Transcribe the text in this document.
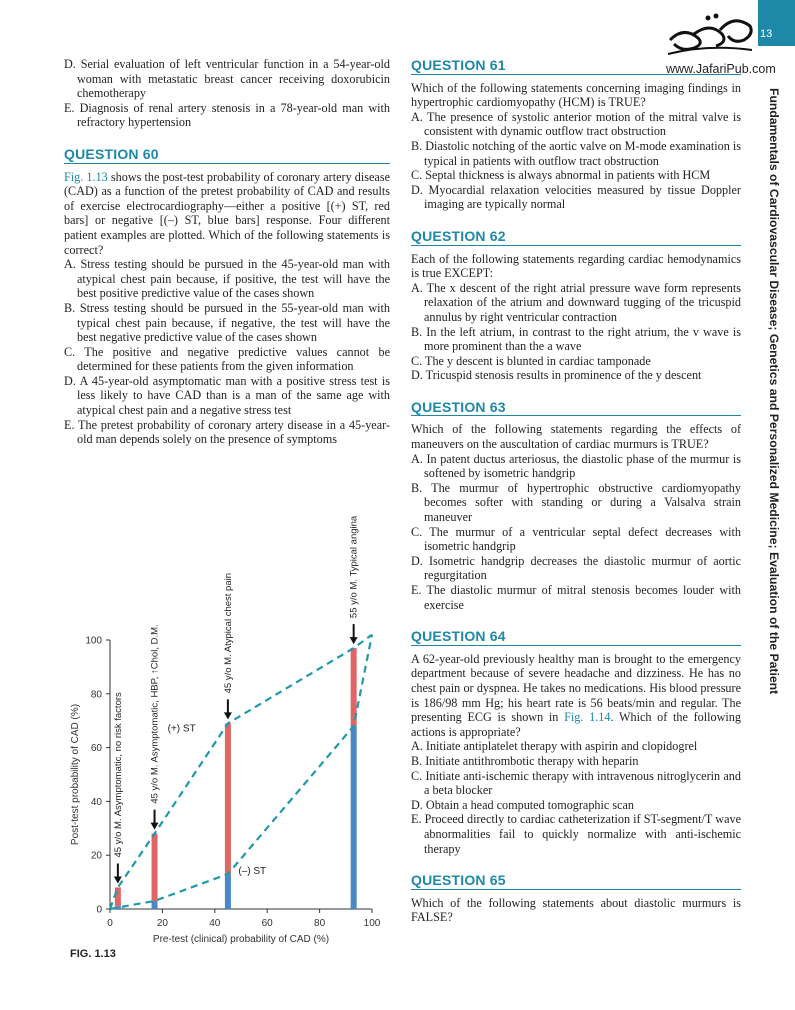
13
Fundamentals of Cardiovascular Disease; Genetics and Personalized Medicine; Evaluation of the Patient
www.JafariPub.com

D. Serial evaluation of left ventricular function in a 54-year-old woman with metastatic breast cancer receiving doxorubicin chemotherapy

E. Diagnosis of renal artery stenosis in a 78-year-old man with refractory hypertension

QUESTION 60

Fig. 1.13 shows the post-test probability of coronary artery disease (CAD) as a function of the pretest probability of CAD and results of exercise electrocardiography—either a positive [(+) ST, red bars] or negative [(–) ST, blue bars] response. Four different patient examples are plotted. Which of the following statements is correct?

A. Stress testing should be pursued in the 45-year-old man with atypical chest pain because, if positive, the test will have the best positive predictive value of the cases shown

B. Stress testing should be pursued in the 55-year-old man with typical chest pain because, if negative, the test will have the best negative predictive value of the cases shown

C. The positive and negative predictive values cannot be determined for these patients from the given information

D. A 45-year-old asymptomatic man with a positive stress test is less likely to have CAD than is a man of the same age with atypical chest pain and a negative stress test

E. The pretest probability of coronary artery disease in a 45-year-old man depends solely on the presence of symptoms

0	20	40	60	80	100
0
20
40
60
80
100
Pre-test (clinical) probability of CAD (%)
Post-test probability of CAD (%)	45 y/o M. Asymptomatic, no risk factors	45 y/o M. Asymptomatic, HBP, ↑Chol, D.M.	45 y/o M. Atypical chest pain
55 y/o M. Typical angina
(+) ST
(–) ST
FIG. 1.13
QUESTION 61

Which of the following statements concerning imaging findings in hypertrophic cardiomyopathy (HCM) is TRUE?

A. The presence of systolic anterior motion of the mitral valve is consistent with dynamic outflow tract obstruction

B. Diastolic notching of the aortic valve on M-mode examination is typical in patients with outflow tract obstruction

C. Septal thickness is always abnormal in patients with HCM

D. Myocardial relaxation velocities measured by tissue Doppler imaging are typically normal

QUESTION 62

Each of the following statements regarding cardiac hemodynamics is true EXCEPT:

A. The x descent of the right atrial pressure wave form represents relaxation of the atrium and downward tugging of the tricuspid annulus by right ventricular contraction

B. In the left atrium, in contrast to the right atrium, the v wave is more prominent than the a wave

C. The y descent is blunted in cardiac tamponade

D. Tricuspid stenosis results in prominence of the y descent

QUESTION 63

Which of the following statements regarding the effects of maneuvers on the auscultation of cardiac murmurs is TRUE?

A. In patent ductus arteriosus, the diastolic phase of the murmur is softened by isometric handgrip

B. The murmur of hypertrophic obstructive cardiomyopathy becomes softer with standing or during a Valsalva strain maneuver

C. The murmur of a ventricular septal defect decreases with isometric handgrip

D. Isometric handgrip decreases the diastolic murmur of aortic regurgitation

E. The diastolic murmur of mitral stenosis becomes louder with exercise

QUESTION 64

A 62-year-old previously healthy man is brought to the emergency department because of severe headache and dizziness. He has no chest pain or dyspnea. He takes no medications. His blood pressure is 186/98 mm Hg; his heart rate is 56 beats/min and regular. The presenting ECG is shown in Fig. 1.14. Which of the following actions is appropriate?

A. Initiate antiplatelet therapy with aspirin and clopidogrel

B. Initiate antithrombotic therapy with heparin

C. Initiate anti-ischemic therapy with intravenous nitroglycerin and a beta blocker

D. Obtain a head computed tomographic scan

E. Proceed directly to cardiac catheterization if ST-segment/T wave abnormalities fail to quickly normalize with anti-ischemic therapy

QUESTION 65

Which of the following statements about diastolic murmurs is FALSE?
